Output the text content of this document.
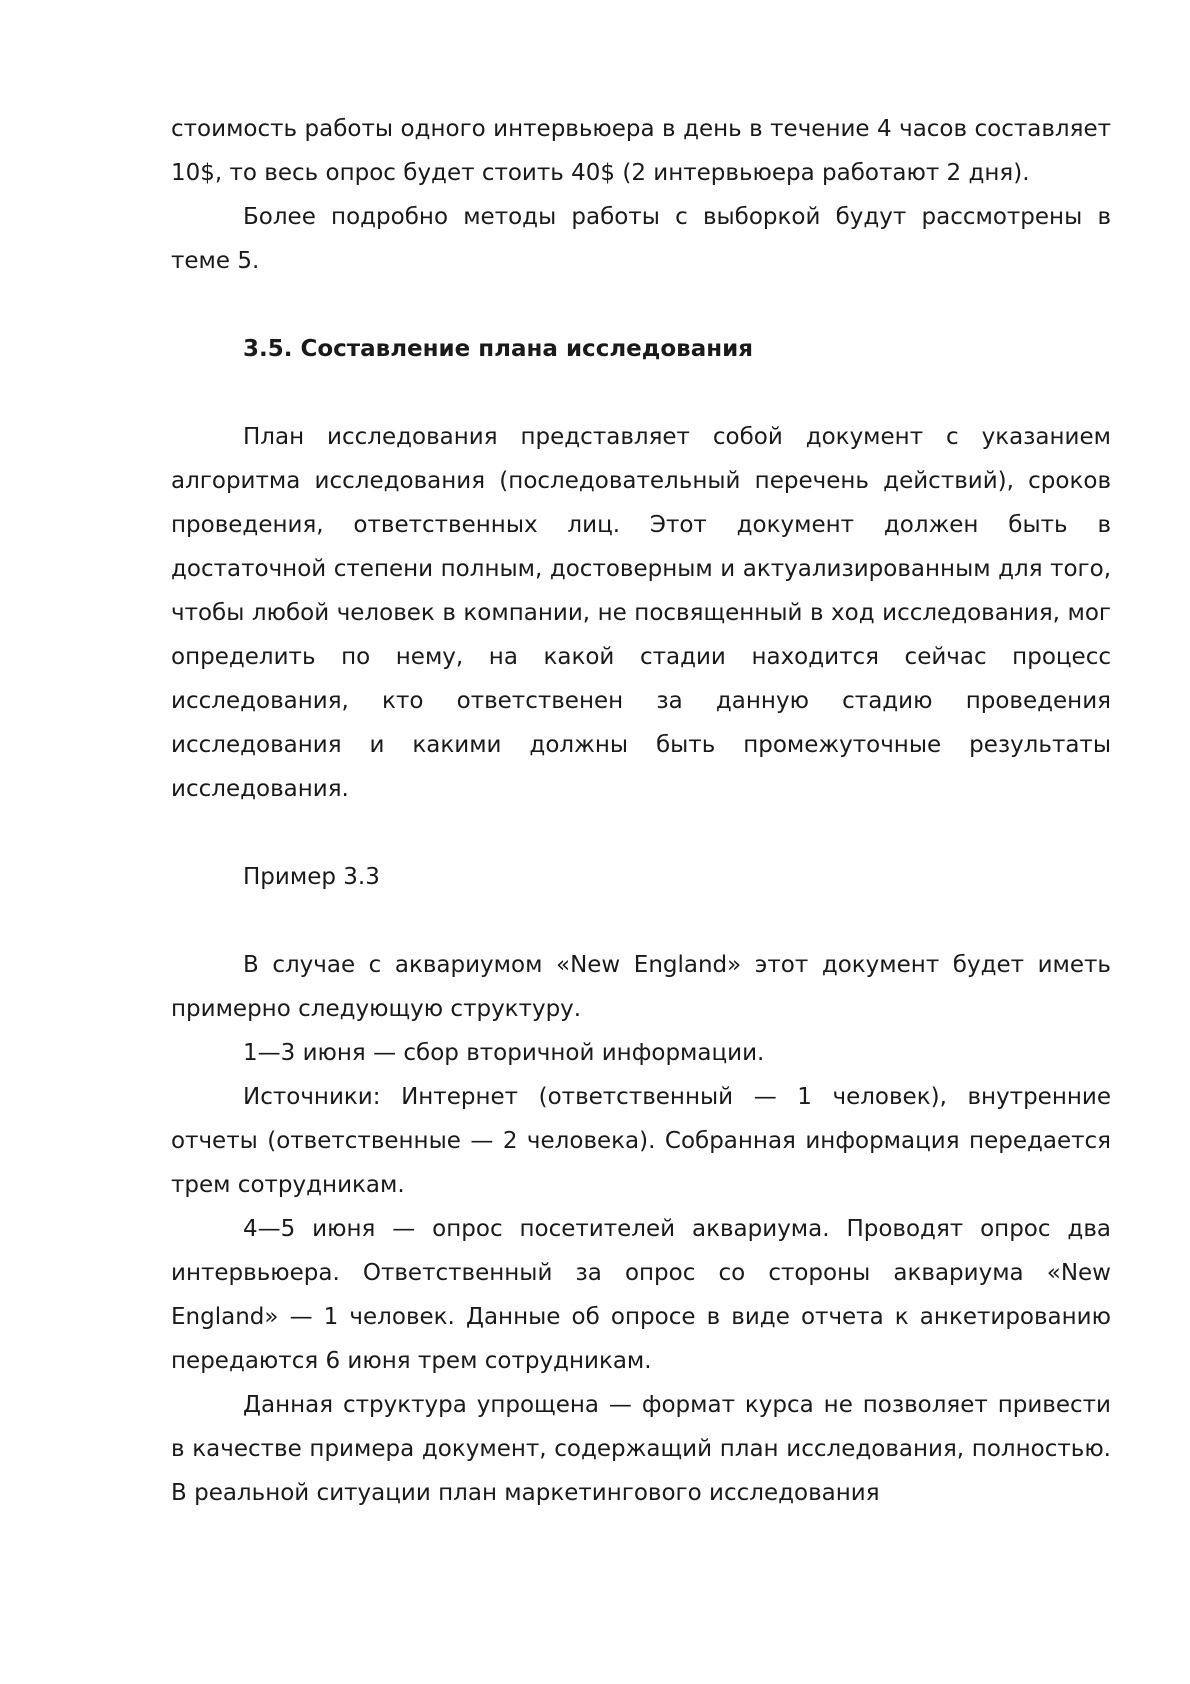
стоимость работы одного интервьюера в день в течение 4 часов составляет 10$, то весь опрос будет стоить 40$ (2 интервьюера работают 2 дня).

Более подробно методы работы с выборкой будут рассмотрены в теме 5.

3.5. Составление плана исследования

План исследования представляет собой документ с указанием алгоритма исследования (последовательный перечень действий), сроков проведения, ответственных лиц. Этот документ должен быть в достаточной степени полным, достоверным и актуализированным для того, чтобы любой человек в компании, не посвященный в ход исследования, мог определить по нему, на какой стадии находится сейчас процесс исследования, кто ответственен за данную стадию проведения исследования и какими должны быть промежуточные результаты исследования.

Пример 3.3

В случае с аквариумом «New England» этот документ будет иметь примерно следующую структуру.

1—3 июня — сбор вторичной информации.

Источники: Интернет (ответственный — 1 человек), внутренние отчеты (ответственные — 2 человека). Собранная информация передается трем сотрудникам.

4—5 июня — опрос посетителей аквариума. Проводят опрос два интервьюера. Ответственный за опрос со стороны аквариума «New England» — 1 человек. Данные об опросе в виде отчета к анкетированию передаются 6 июня трем сотрудникам.

Данная структура упрощена — формат курса не позволяет привести в качестве примера документ, содержащий план исследования, полностью. В реальной ситуации план маркетингового исследования
